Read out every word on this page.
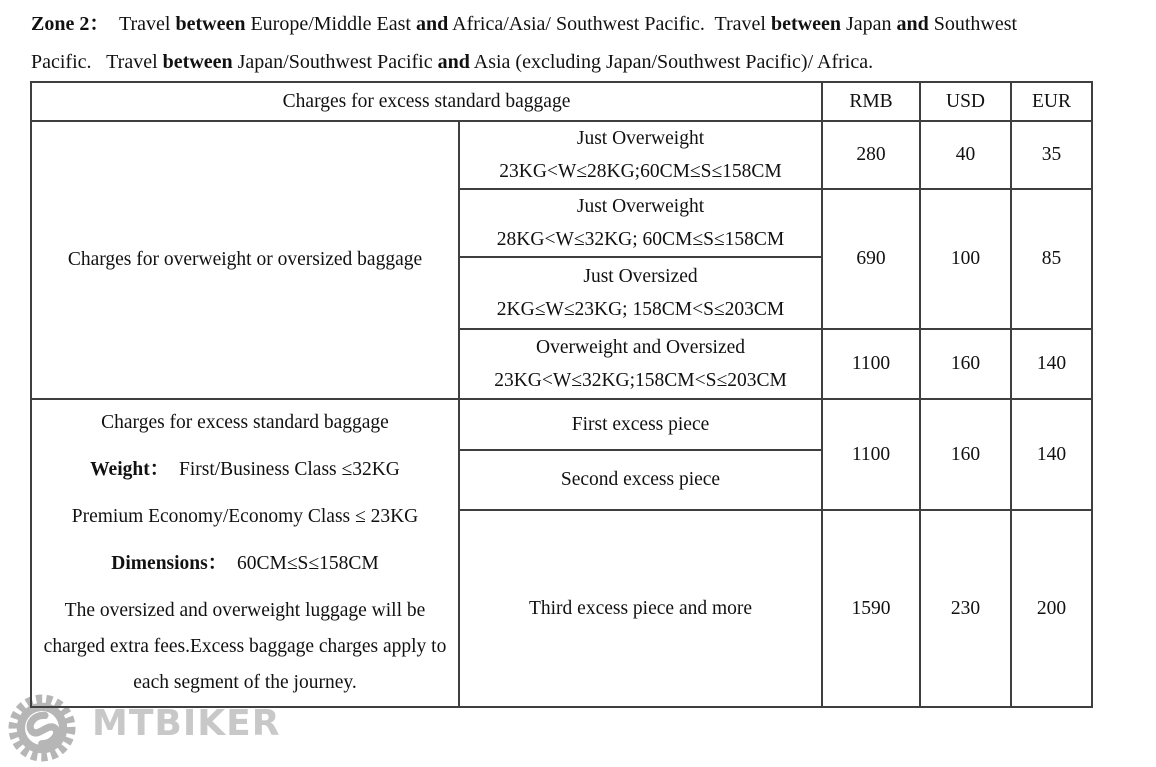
Zone 2：  Travel between Europe/Middle East and Africa/Asia/ Southwest Pacific.  Travel between Japan and Southwest
Pacific.   Travel between Japan/Southwest Pacific and Asia (excluding Japan/Southwest Pacific)/ Africa.
Charges for excess standard baggage		RMB	USD	EUR
Charges for overweight or oversized baggage	Just Overweight
23KG<W≤28KG;60CM≤S≤158CM	280	40	35

	Just Overweight
28KG<W≤32KG; 60CM≤S≤158CM	690	100	85

	Just Oversized
2KG≤W≤23KG; 158CM<S≤203CM			

	Overweight and Oversized
23KG<W≤32KG;158CM<S≤203CM	1100	160	140

Charges for excess standard baggage

Weight：  First/Business Class ≤32KG

Premium Economy/Economy Class ≤ 23KG

Dimensions：  60CM≤S≤158CM

The oversized and overweight luggage will be charged extra fees.Excess baggage charges apply to each segment of the journey.	First excess piece	1100	160	140
	Second excess piece			
	Third excess piece and more	1590	230	200
MTBIKER
